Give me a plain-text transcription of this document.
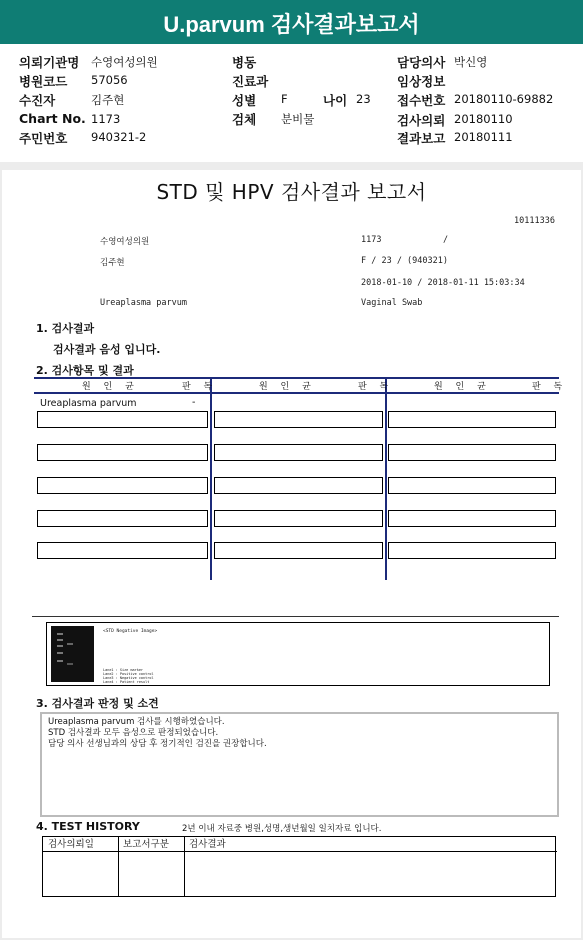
U.parvum 검사결과보고서
의뢰기관명 수영여성의원	병동	담당의사 박신영
병원코드 57056	진료과	임상정보
수진자	김주현	성별 F	나이 23 접수번호 20180110-69882
Chart No. 1173	검체 분비물	검사의뢰 20180110
주민번호 940321-2	결과보고 20180111
STD 및 HPV 검사결과 보고서
10111336
수영여성의원	1173	/
김주현	F / 23 / (940321)
2018-01-10 / 2018-01-11 15:03:34
Ureaplasma parvum	Vaginal Swab
1. 검사결과
검사결과 음성 입니다.
2. 검사항목 및 결과
원 인 균	판 독	원 인 균	판 독	원 인 균	판 독
Ureaplasma parvum	-
<STD Negative Image>
Lane1 : Size marker
Lane2 : Positive control
Lane3 : Negative control
Lane4 : Patient result
3. 검사결과 판정 및 소견
Ureaplasma parvum 검사를 시행하였습니다.
STD 검사결과 모두 음성으로 판정되었습니다.
담당 의사 선생님과의 상담 후 정기적인 검진을 권장합니다.
4. TEST HISTORY	2년 이내 자료중 병원,성명,생년월일 일치자료 입니다.
검사의뢰일	보고서구분	검사결과
